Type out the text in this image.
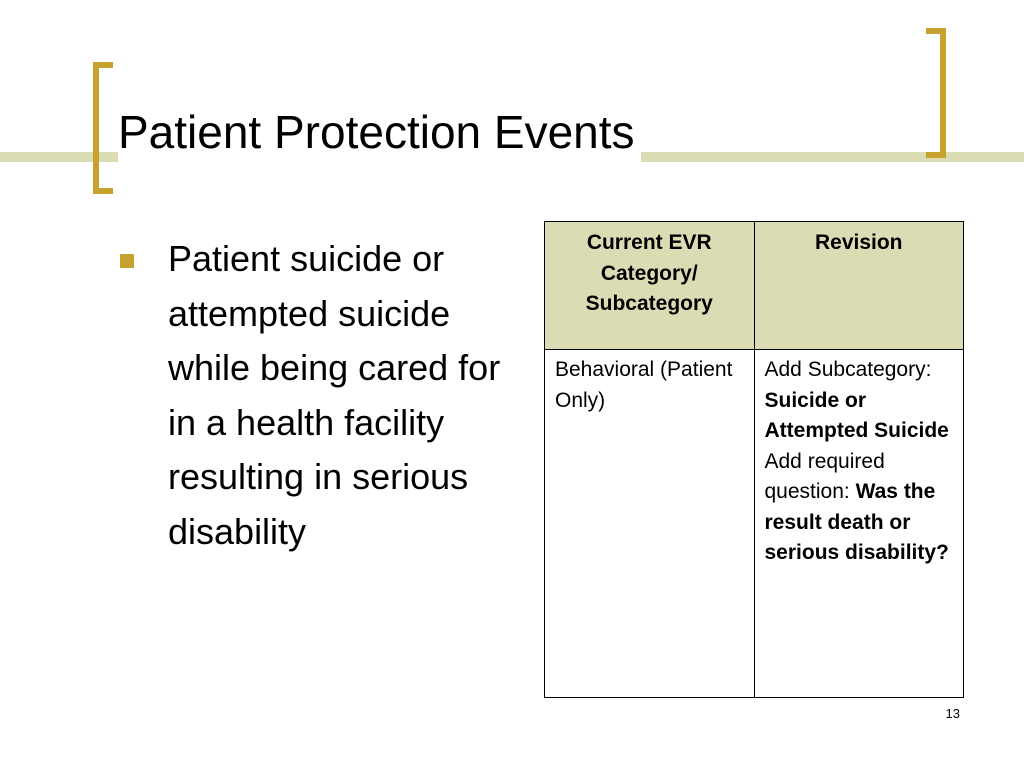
Patient Protection Events

Patient suicide or attempted suicide while being cared for in a health facility resulting in serious disability

Current EVR Category/ Subcategory	Revision
Behavioral (Patient Only)	Add Subcategory:
Suicide or Attempted Suicide
Add required question: Was the result death or serious disability?
13
